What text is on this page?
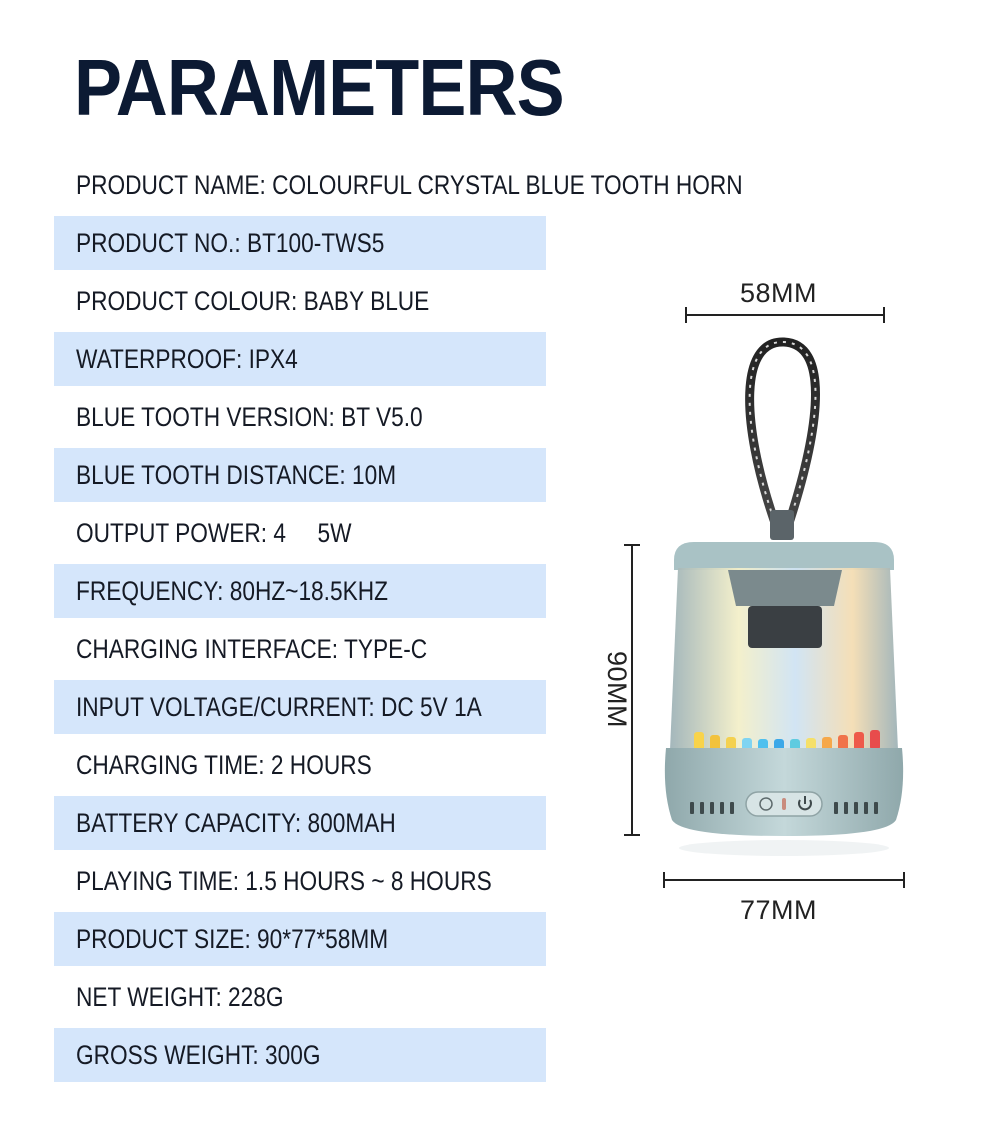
PARAMETERS
PRODUCT NAME: COLOURFUL CRYSTAL BLUE TOOTH HORN
PRODUCT NO.: BT100-TWS5
PRODUCT COLOUR: BABY BLUE
WATERPROOF: IPX4
BLUE TOOTH VERSION: BT V5.0
BLUE TOOTH DISTANCE: 10M
OUTPUT POWER: 4     5W
FREQUENCY: 80HZ~18.5KHZ
CHARGING INTERFACE: TYPE-C
INPUT VOLTAGE/CURRENT: DC 5V 1A
CHARGING TIME: 2 HOURS
BATTERY CAPACITY: 800MAH
PLAYING TIME: 1.5 HOURS ~ 8 HOURS
PRODUCT SIZE: 90*77*58MM
NET WEIGHT: 228G
GROSS WEIGHT: 300G
58MM
77MM
90MM
